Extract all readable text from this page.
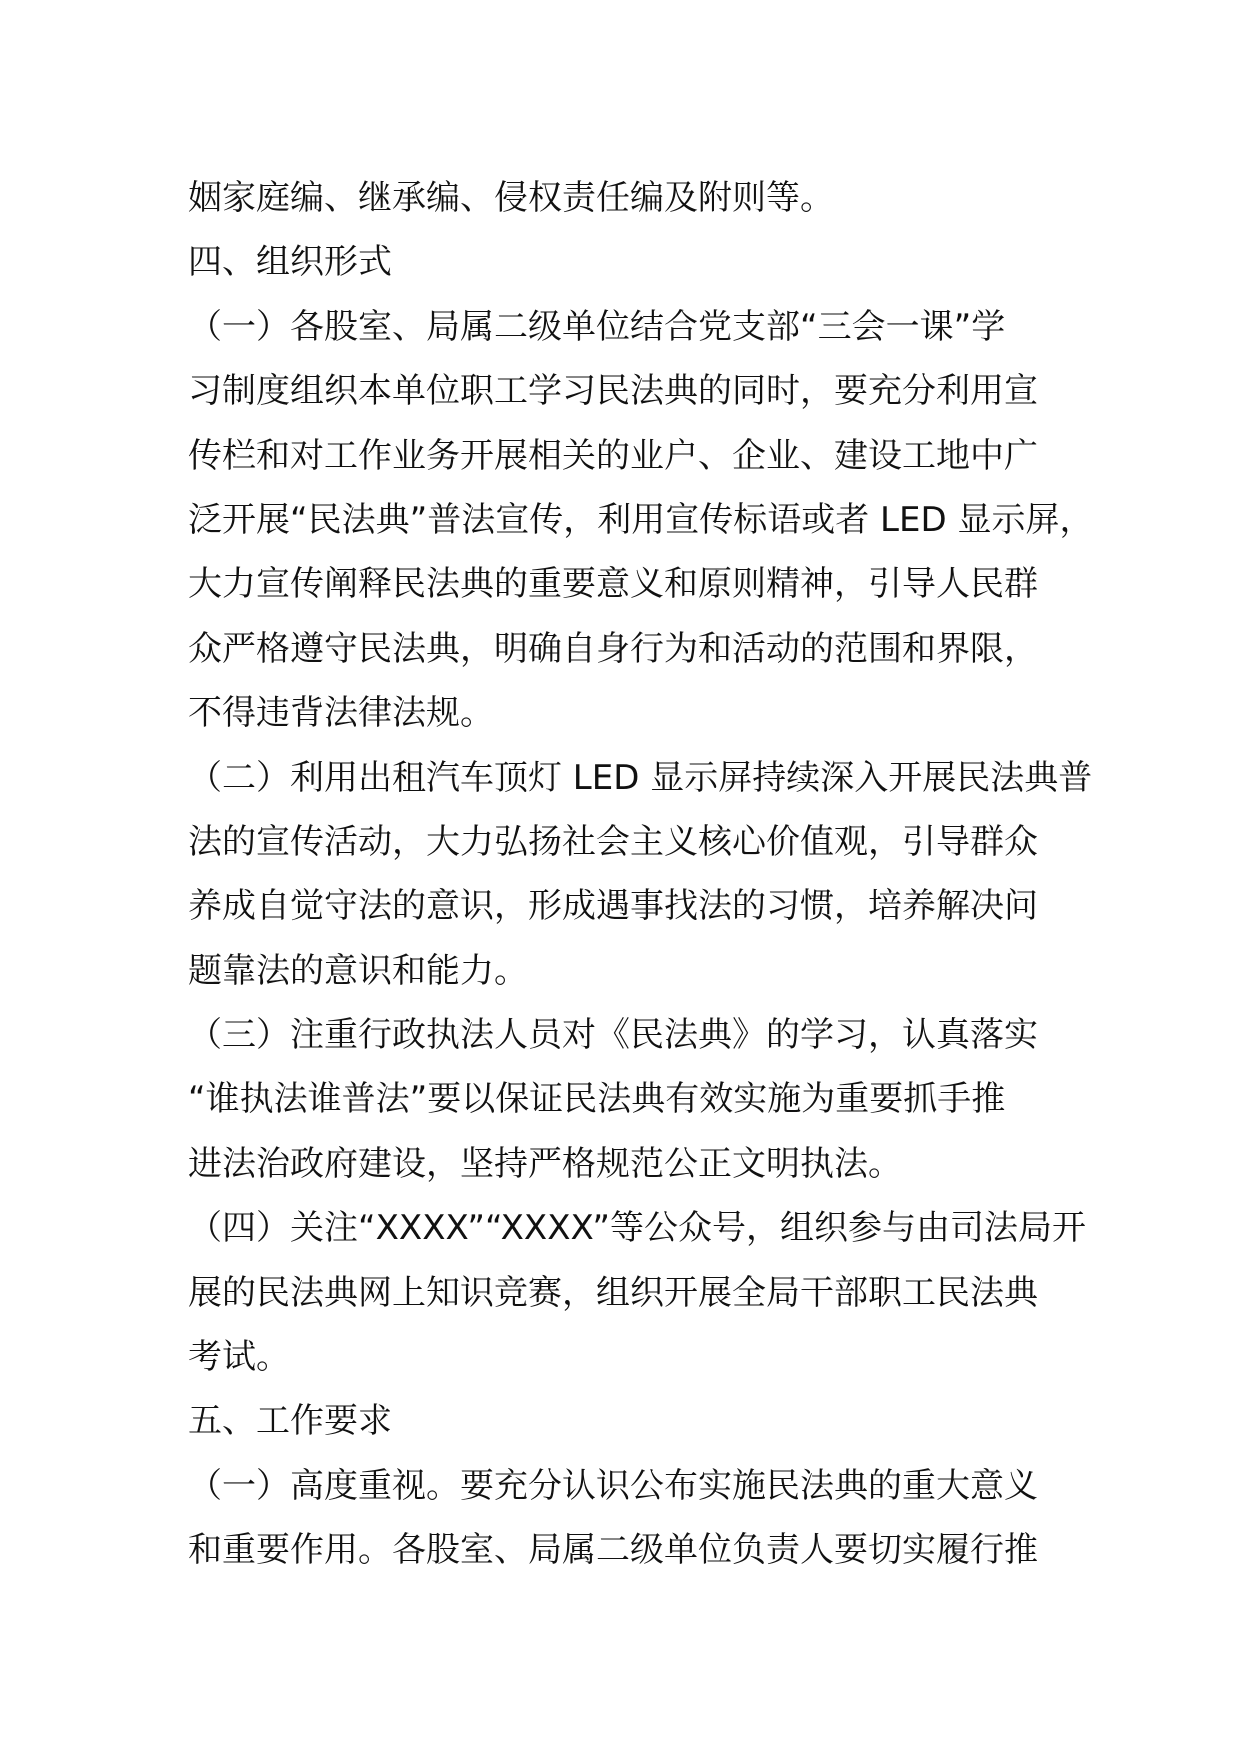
姻家庭编、继承编、侵权责任编及附则等。
四、组织形式
（一）各股室、局属二级单位结合党支部“三会一课”学
习制度组织本单位职工学习民法典的同时，要充分利用宣
传栏和对工作业务开展相关的业户、企业、建设工地中广
泛开展“民法典”普法宣传，利用宣传标语或者 LED 显示屏，
大力宣传阐释民法典的重要意义和原则精神，引导人民群
众严格遵守民法典，明确自身行为和活动的范围和界限，
不得违背法律法规。
（二）利用出租汽车顶灯 LED 显示屏持续深入开展民法典普
法的宣传活动，大力弘扬社会主义核心价值观，引导群众
养成自觉守法的意识，形成遇事找法的习惯，培养解决问
题靠法的意识和能力。
（三）注重行政执法人员对《民法典》的学习，认真落实
“谁执法谁普法”要以保证民法典有效实施为重要抓手推
进法治政府建设，坚持严格规范公正文明执法。
（四）关注“XXXX”“XXXX”等公众号，组织参与由司法局开
展的民法典网上知识竞赛，组织开展全局干部职工民法典
考试。
五、工作要求
（一）高度重视。要充分认识公布实施民法典的重大意义
和重要作用。各股室、局属二级单位负责人要切实履行推
